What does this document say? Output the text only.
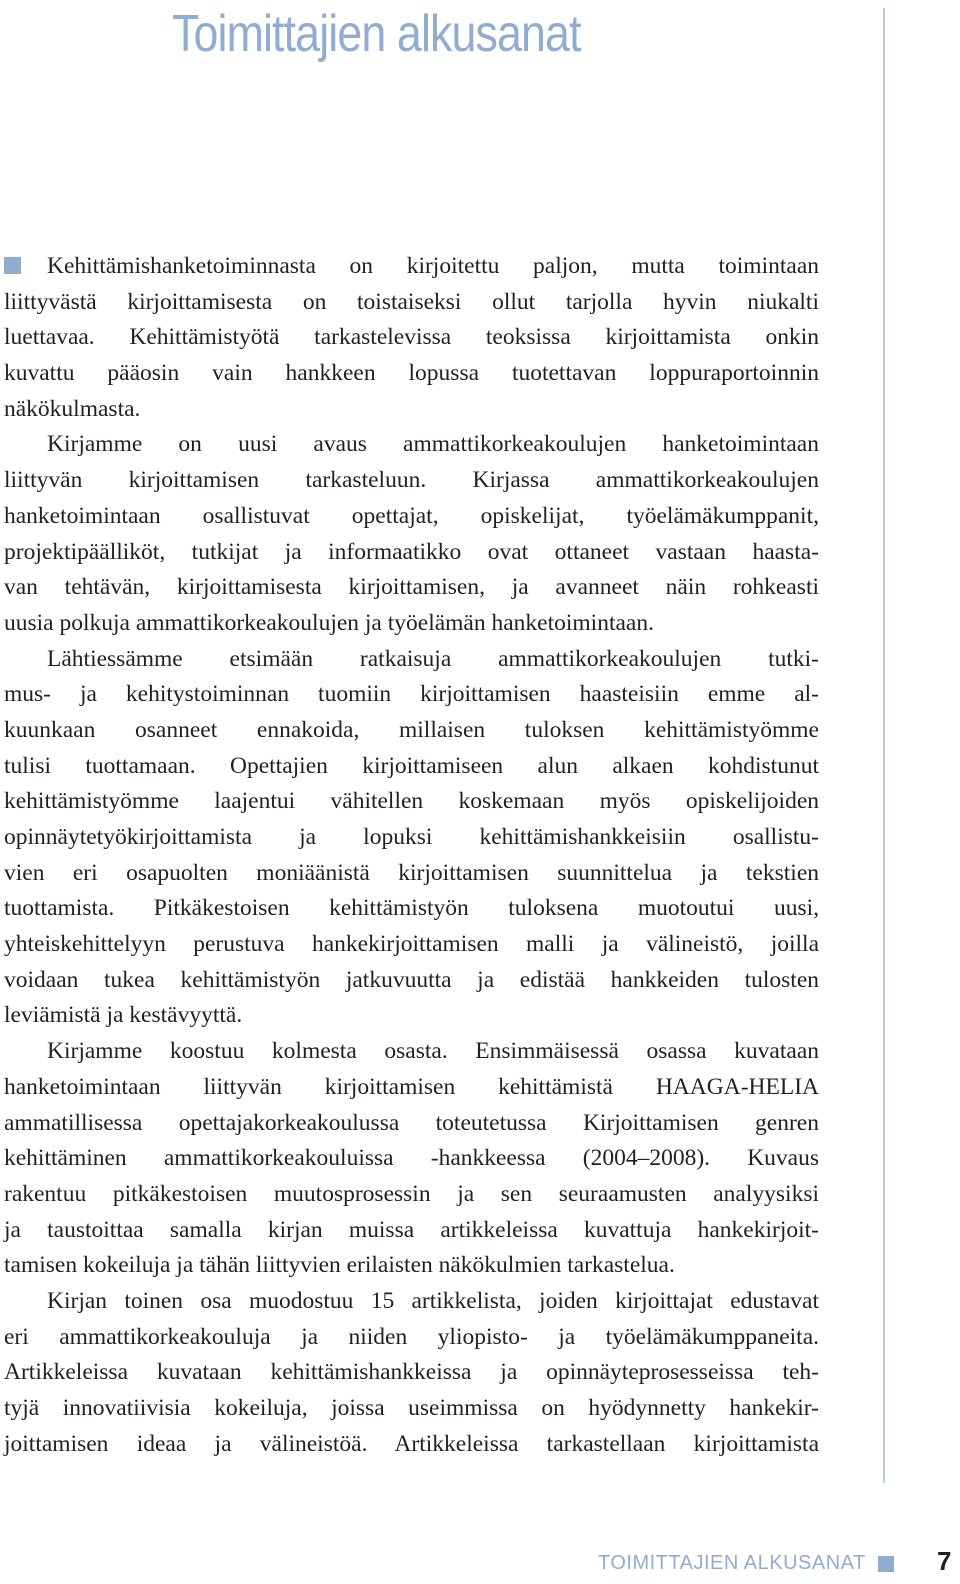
Toimittajien alkusanat
Kehittämishanketoiminnasta on kirjoitettu paljon, mutta toimintaan
liittyvästä kirjoittamisesta on toistaiseksi ollut tarjolla hyvin niukalti
luettavaa. Kehittämistyötä tarkastelevissa teoksissa kirjoittamista onkin
kuvattu pääosin vain hankkeen lopussa tuotettavan loppuraportoinnin
näkökulmasta.
Kirjamme on uusi avaus ammattikorkeakoulujen hanketoimintaan
liittyvän kirjoittamisen tarkasteluun. Kirjassa ammattikorkeakoulujen
hanketoimintaan osallistuvat opettajat, opiskelijat, työelämäkumppanit,
projektipäälliköt, tutkijat ja informaatikko ovat ottaneet vastaan haasta-
van tehtävän, kirjoittamisesta kirjoittamisen, ja avanneet näin rohkeasti
uusia polkuja ammattikorkeakoulujen ja työelämän hanketoimintaan.
Lähtiessämme etsimään ratkaisuja ammattikorkeakoulujen tutki-
mus- ja kehitystoiminnan tuomiin kirjoittamisen haasteisiin emme al-
kuunkaan osanneet ennakoida, millaisen tuloksen kehittämistyömme
tulisi tuottamaan. Opettajien kirjoittamiseen alun alkaen kohdistunut
kehittämistyömme laajentui vähitellen koskemaan myös opiskelijoiden
opinnäytetyökirjoittamista ja lopuksi kehittämishankkeisiin osallistu-
vien eri osapuolten moniäänistä kirjoittamisen suunnittelua ja tekstien
tuottamista. Pitkäkestoisen kehittämistyön tuloksena muotoutui uusi,
yhteiskehittelyyn perustuva hankekirjoittamisen malli ja välineistö, joilla
voidaan tukea kehittämistyön jatkuvuutta ja edistää hankkeiden tulosten
leviämistä ja kestävyyttä.
Kirjamme koostuu kolmesta osasta. Ensimmäisessä osassa kuvataan
hanketoimintaan liittyvän kirjoittamisen kehittämistä HAAGA-HELIA
ammatillisessa opettajakorkeakoulussa toteutetussa Kirjoittamisen genren
kehittäminen ammattikorkeakouluissa -hankkeessa (2004–2008). Kuvaus
rakentuu pitkäkestoisen muutosprosessin ja sen seuraamusten analyysiksi
ja taustoittaa samalla kirjan muissa artikkeleissa kuvattuja hankekirjoit-
tamisen kokeiluja ja tähän liittyvien erilaisten näkökulmien tarkastelua.
Kirjan toinen osa muodostuu 15 artikkelista, joiden kirjoittajat edustavat
eri ammattikorkeakouluja ja niiden yliopisto- ja työelämäkumppaneita.
Artikkeleissa kuvataan kehittämishankkeissa ja opinnäyteprosesseissa teh-
tyjä innovatiivisia kokeiluja, joissa useimmissa on hyödynnetty hankekir-
joittamisen ideaa ja välineistöä. Artikkeleissa tarkastellaan kirjoittamista
TOIMITTAJIEN ALKUSANAT	7
